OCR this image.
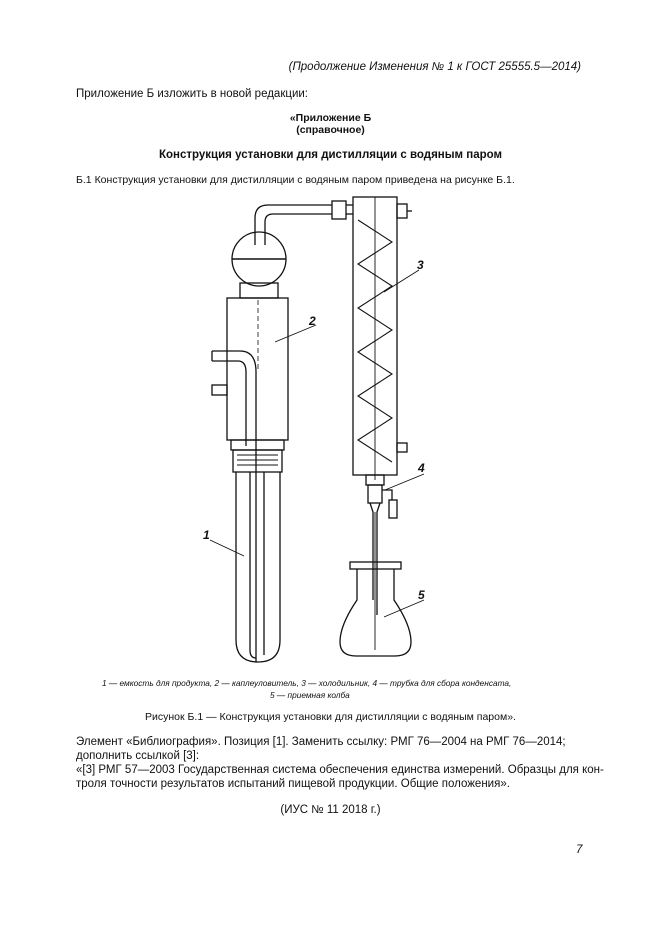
(Продолжение Изменения № 1 к ГОСТ 25555.5—2014)
Приложение Б изложить в новой редакции:
«Приложение Б
(справочное)
Конструкция установки для дистилляции с водяным паром
Б.1 Конструкция установки для дистилляции с водяным паром приведена на рисунке Б.1.
1
2
3
4
5
1 — емкость для продукта, 2 — каплеуловитель, 3 — холодильник, 4 — трубка для сбора конденсата,
5 — приемная колба
Рисунок Б.1 — Конструкция установки для дистилляции с водяным паром».
Элемент «Библиография». Позиция [1]. Заменить ссылку: РМГ 76—2004 на РМГ 76—2014;
дополнить ссылкой [3]:
«[3] РМГ 57—2003 Государственная система обеспечения единства измерений. Образцы для кон-
троля точности результатов испытаний пищевой продукции. Общие положения».
(ИУС № 11 2018 г.)
7
